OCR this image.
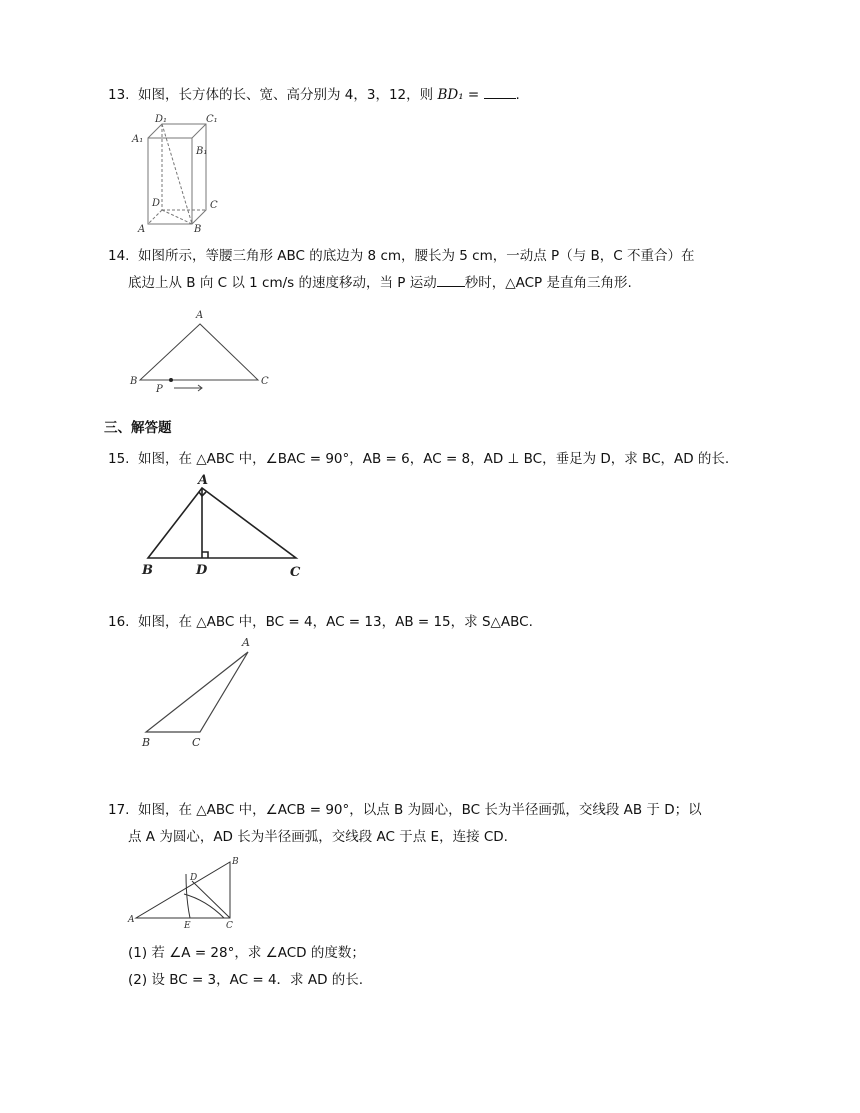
13. 如图，长方体的长、宽、高分别为 4，3，12，则 BD₁ =	.
D₁	C₁
A₁
B₁
D	C
A	B
14. 如图所示，等腰三角形 ABC 的底边为 8 cm，腰长为 5 cm，一动点 P（与 B，C 不重合）在
底边上从 B 向 C 以 1 cm/s 的速度移动，当 P 运动 秒时，△ACP 是直角三角形.
A
B	C
P
三、解答题
15. 如图，在 △ABC 中，∠BAC = 90°，AB = 6，AC = 8，AD ⊥ BC，垂足为 D，求 BC，AD 的长.
A
B	D	C
16. 如图，在 △ABC 中，BC = 4，AC = 13，AB = 15，求 S△ABC.
A
B	C
17. 如图，在 △ABC 中，∠ACB = 90°，以点 B 为圆心，BC 长为半径画弧，交线段 AB 于 D；以
点 A 为圆心，AD 长为半径画弧，交线段 AC 于点 E，连接 CD.
B
D
A
E	C
(1) 若 ∠A = 28°，求 ∠ACD 的度数；
(2) 设 BC = 3，AC = 4．求 AD 的长.
